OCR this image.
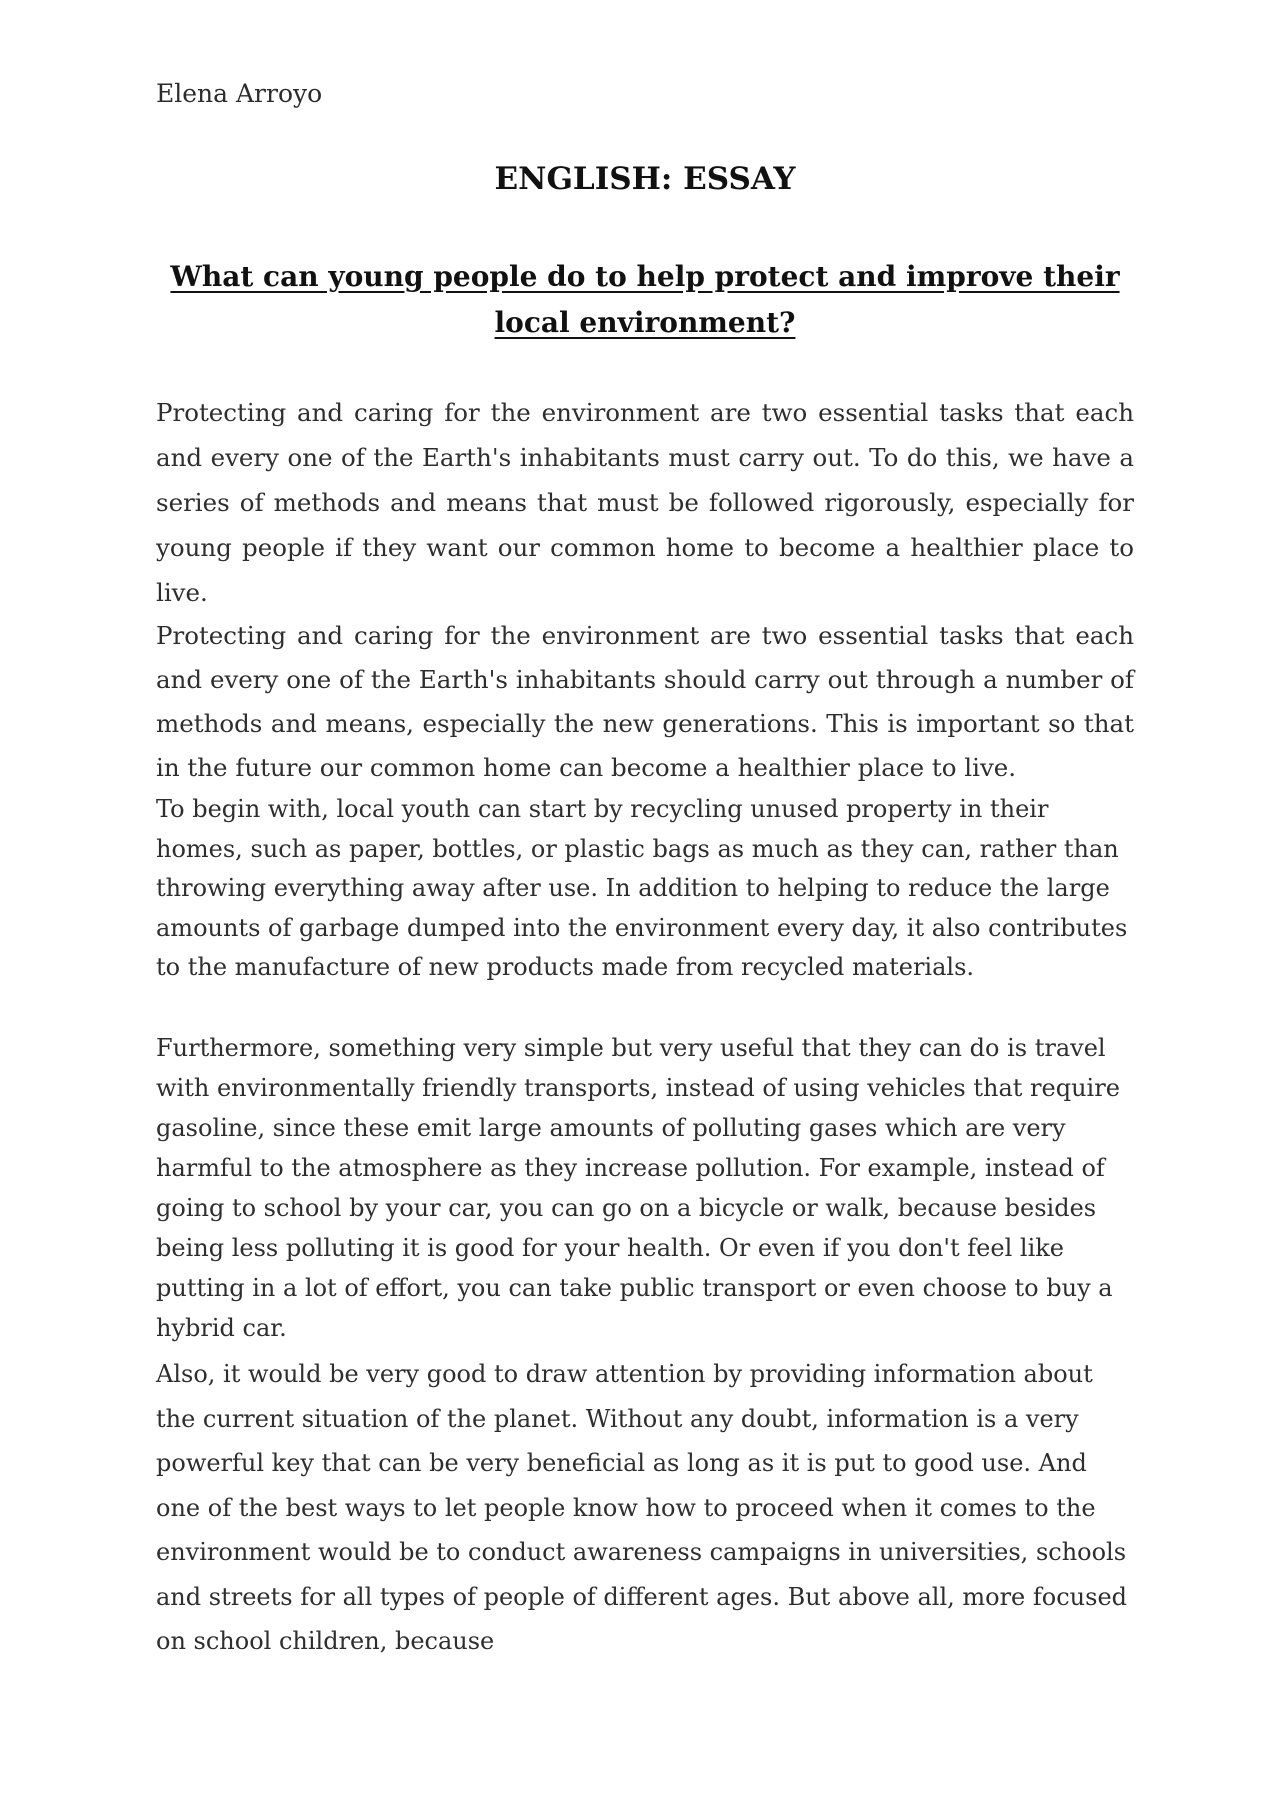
Elena Arroyo
ENGLISH: ESSAY
What can young people do to help protect and improve their local environment?

Protecting and caring for the environment are two essential tasks that each and every one of the Earth's inhabitants must carry out. To do this, we have a series of methods and means that must be followed rigorously, especially for young people if they want our common home to become a healthier place to live.

Protecting and caring for the environment are two essential tasks that each and every one of the Earth's inhabitants should carry out through a number of methods and means, especially the new generations. This is important so that in the future our common home can become a healthier place to live.

To begin with, local youth can start by recycling unused property in their homes, such as paper, bottles, or plastic bags as much as they can, rather than throwing everything away after use. In addition to helping to reduce the large amounts of garbage dumped into the environment every day, it also contributes to the manufacture of new products made from recycled materials.

Furthermore, something very simple but very useful that they can do is travel with environmentally friendly transports, instead of using vehicles that require gasoline, since these emit large amounts of polluting gases which are very harmful to the atmosphere as they increase pollution. For example, instead of going to school by your car, you can go on a bicycle or walk, because besides being less polluting it is good for your health. Or even if you don't feel like putting in a lot of effort, you can take public transport or even choose to buy a hybrid car.

Also, it would be very good to draw attention by providing information about the current situation of the planet. Without any doubt, information is a very powerful key that can be very beneficial as long as it is put to good use. And one of the best ways to let people know how to proceed when it comes to the environment would be to conduct awareness campaigns in universities, schools and streets for all types of people of different ages. But above all, more focused on school children, because
